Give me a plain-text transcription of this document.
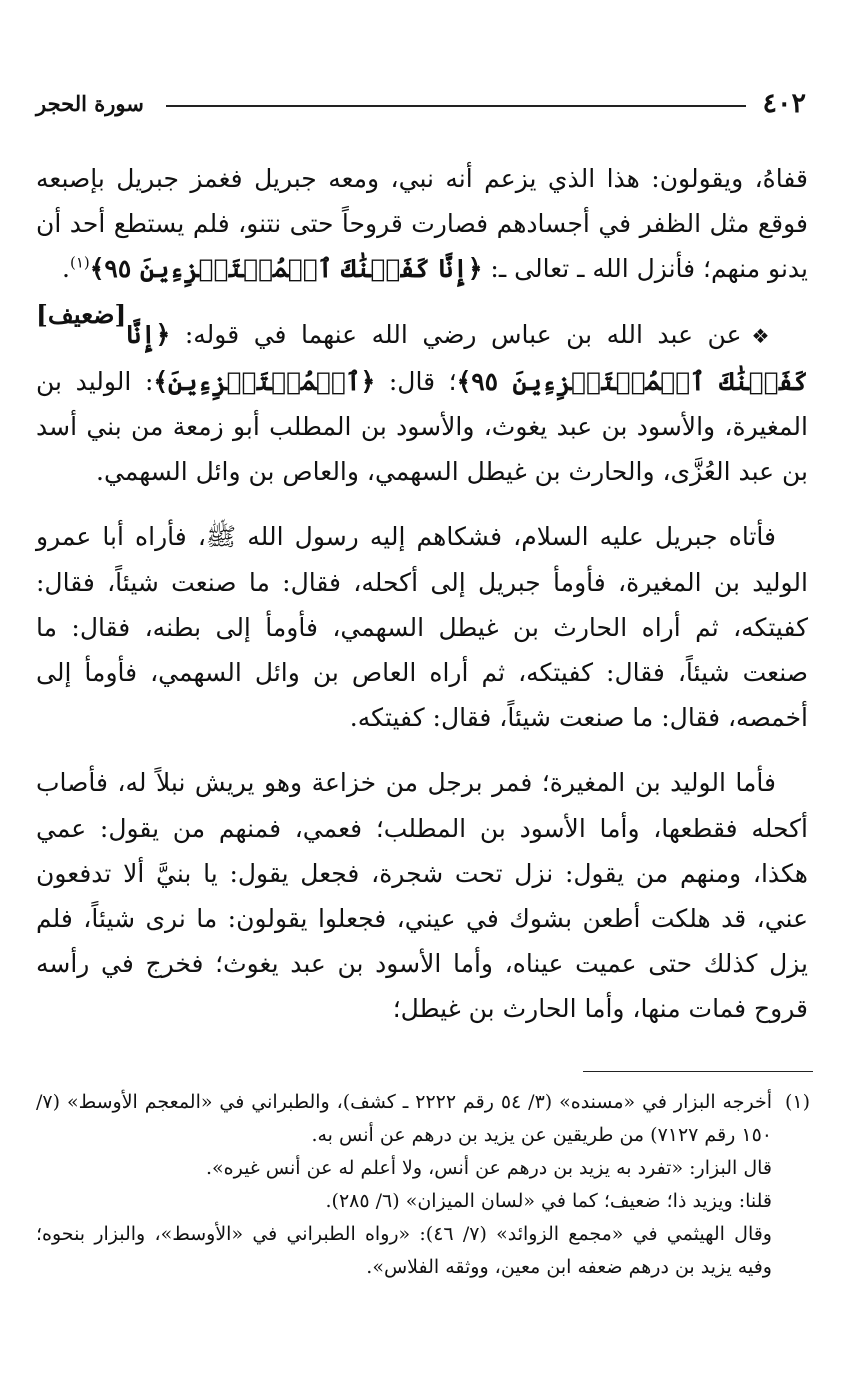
٤٠٢
سورة الحجر

قفاهُ، ويقولون: هذا الذي يزعم أنه نبي، ومعه جبريل فغمز جبريل بإصبعه فوقع مثل الظفر في أجسادهم فصارت قروحاً حتى نتنو، فلم يستطع أحد أن يدنو منهم؛ فأنزل الله ـ تعالى ـ: ﴿إِنَّا كَفَيۡنَٰكَ ٱلۡمُسۡتَهۡزِءِينَ ٩٥﴾$^{(١)}$.
[ضعيف]

❖عن عبد الله بن عباس رضي الله عنهما في قوله: ﴿إِنَّا كَفَيۡنَٰكَ ٱلۡمُسۡتَهۡزِءِينَ ٩٥﴾؛ قال: ﴿ٱلۡمُسۡتَهۡزِءِينَ﴾: الوليد بن المغيرة، والأسود بن عبد يغوث، والأسود بن المطلب أبو زمعة من بني أسد بن عبد العُزَّى، والحارث بن غيطل السهمي، والعاص بن وائل السهمي.

فأتاه جبريل عليه السلام، فشكاهم إليه رسول الله ﷺ، فأراه أبا عمرو الوليد بن المغيرة، فأومأ جبريل إلى أكحله، فقال: ما صنعت شيئاً، فقال: كفيتكه، ثم أراه الحارث بن غيطل السهمي، فأومأ إلى بطنه، فقال: ما صنعت شيئاً، فقال: كفيتكه، ثم أراه العاص بن وائل السهمي، فأومأ إلى أخمصه، فقال: ما صنعت شيئاً، فقال: كفيتكه.

فأما الوليد بن المغيرة؛ فمر برجل من خزاعة وهو يريش نبلاً له، فأصاب أكحله فقطعها، وأما الأسود بن المطلب؛ فعمي، فمنهم من يقول: عمي هكذا، ومنهم من يقول: نزل تحت شجرة، فجعل يقول: يا بنيَّ ألا تدفعون عني، قد هلكت أطعن بشوك في عيني، فجعلوا يقولون: ما نرى شيئاً، فلم يزل كذلك حتى عميت عيناه، وأما الأسود بن عبد يغوث؛ فخرج في رأسه قروح فمات منها، وأما الحارث بن غيطل؛

(١)
أخرجه البزار في «مسنده» (٣/ ٥٤ رقم ٢٢٢٢ ـ كشف)، والطبراني في «المعجم الأوسط» (٧/ ١٥٠ رقم ٧١٢٧) من طريقين عن يزيد بن درهم عن أنس به.

قال البزار: «تفرد به يزيد بن درهم عن أنس، ولا أعلم له عن أنس غيره».

قلنا: ويزيد ذا؛ ضعيف؛ كما في «لسان الميزان» (٦/ ٢٨٥).

وقال الهيثمي في «مجمع الزوائد» (٧/ ٤٦): «رواه الطبراني في «الأوسط»، والبزار بنحوه؛ وفيه يزيد بن درهم ضعفه ابن معين، ووثقه الفلاس».
